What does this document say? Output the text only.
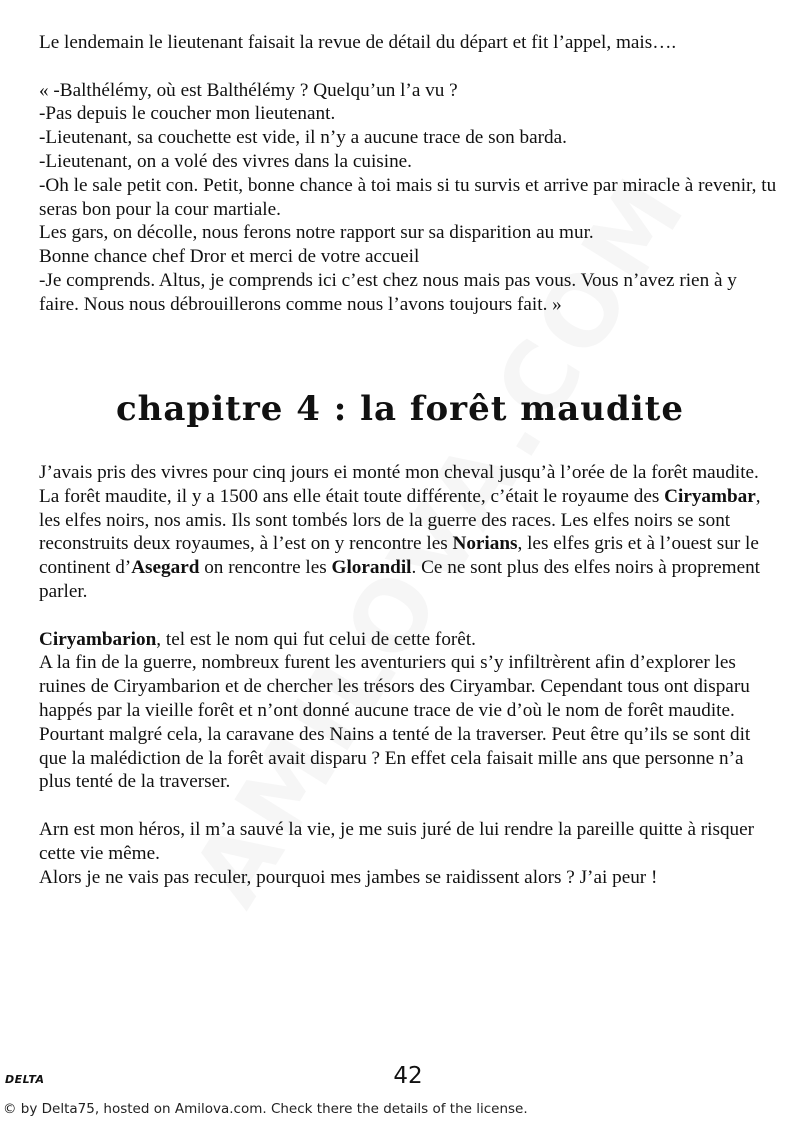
Le lendemain le lieutenant faisait la revue de détail du départ et fit l’appel, mais….

« -Balthélémy, où est Balthélémy ? Quelqu’un l’a vu ?

-Pas depuis le coucher mon lieutenant.

-Lieutenant, sa couchette est vide, il n’y a aucune trace de son barda.

-Lieutenant, on a volé des vivres dans la cuisine.

-Oh le sale petit con. Petit, bonne chance à toi mais si tu survis et arrive par miracle à revenir, tu seras bon pour la cour martiale.

Les gars, on décolle, nous ferons notre rapport sur sa disparition au mur.

Bonne chance chef Dror et merci de votre accueil

-Je comprends. Altus, je comprends ici c’est chez nous mais pas vous. Vous n’avez rien à y faire. Nous nous débrouillerons comme nous l’avons toujours fait. »

chapitre 4 : la forêt maudite

J’avais pris des vivres pour cinq jours ei monté mon cheval jusqu’à l’orée de la forêt maudite.

La forêt maudite, il y a 1500 ans elle était toute différente, c’était le royaume des Ciryambar, les elfes noirs, nos amis. Ils sont tombés lors de la guerre des races. Les elfes noirs se sont reconstruits deux royaumes, à l’est on y rencontre les Norians, les elfes gris et à l’ouest sur le continent d’Asegard on rencontre les Glorandil. Ce ne sont plus des elfes noirs à proprement parler.

Ciryambarion, tel est le nom qui fut celui de cette forêt.

A la fin de la guerre, nombreux furent les aventuriers qui s’y infiltrèrent afin d’explorer les ruines de Ciryambarion et de chercher les trésors des Ciryambar. Cependant tous ont disparu happés par la vieille forêt et n’ont donné aucune trace de vie d’où le nom de forêt maudite.

Pourtant malgré cela, la caravane des Nains a tenté de la traverser. Peut être qu’ils se sont dit que la malédiction de la forêt avait disparu ? En effet cela faisait mille ans que personne n’a plus tenté de la traverser.

Arn est mon héros, il m’a sauvé la vie, je me suis juré de lui rendre la pareille quitte à risquer cette vie même.

Alors je ne vais pas reculer, pourquoi mes jambes se raidissent alors ? J’ai peur !

DELTA	42
© by Delta75, hosted on Amilova.com. Check there the details of the license.
